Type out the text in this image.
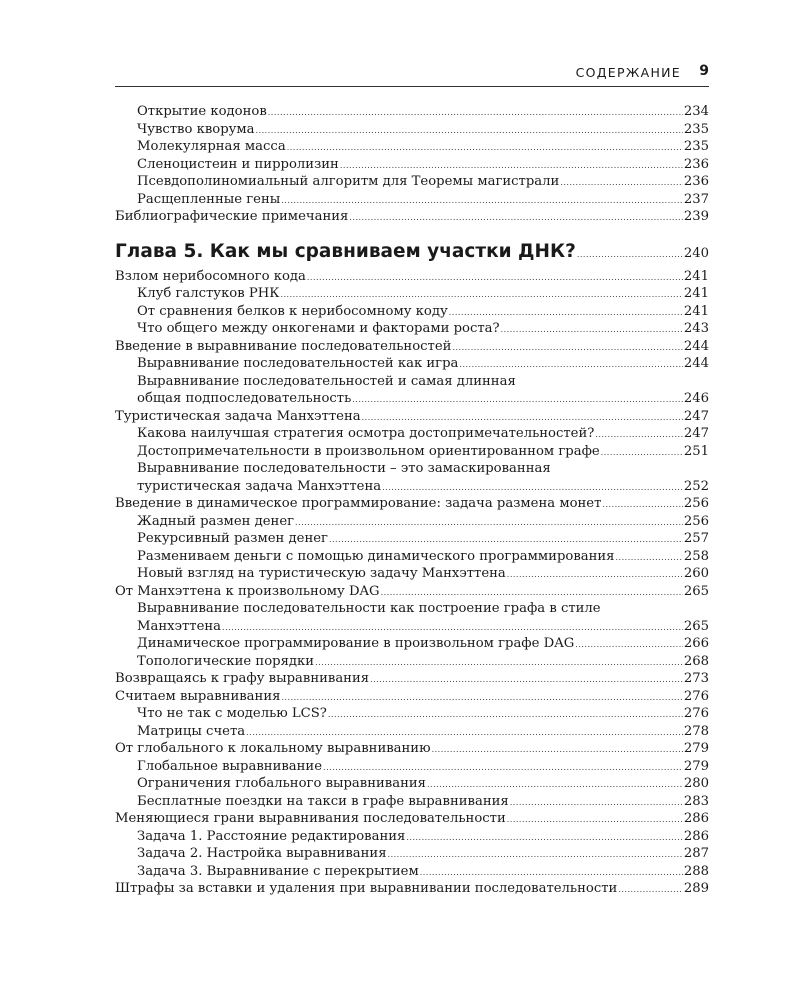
СОДЕРЖАНИЕ 9
Открытие кодонов .....	234
Чувство кворума .....	235
Молекулярная масса .....	235
Сленоцистеин и пирролизин .....	236
Псевдополиномиальный алгоритм для Теоремы магистрали .....	236
Расщепленные гены .....	237
Библиографические примечания .....	239
Глава 5. Как мы сравниваем участки ДНК? .....	240
Взлом нерибосомного кода .....	241
Клуб галстуков РНК .....	241
От сравнения белков к нерибосомному коду .....	241
Что общего между онкогенами и факторами роста? .....	243
Введение в выравнивание последовательностей .....	244
Выравнивание последовательностей как игра .....	244
Выравнивание последовательностей и самая длинная
общая подпоследовательность .....	246
Туристическая задача Манхэттена .....	247
Какова наилучшая стратегия осмотра достопримечательностей? .....	247
Достопримечательности в произвольном ориентированном графе .....	251
Выравнивание последовательности – это замаскированная
туристическая задача Манхэттена .....	252
Введение в динамическое программирование: задача размена монет .....	256
Жадный размен денег .....	256
Рекурсивный размен денег .....	257
Размениваем деньги с помощью динамического программирования .....	258
Новый взгляд на туристическую задачу Манхэттена .....	260
От Манхэттена к произвольному DAG .....	265
Выравнивание последовательности как построение графа в стиле
Манхэттена .....	265
Динамическое программирование в произвольном графе DAG .....	266
Топологические порядки .....	268
Возвращаясь к графу выравнивания .....	273
Считаем выравнивания .....	276
Что не так с моделью LCS? .....	276
Матрицы счета .....	278
От глобального к локальному выравниванию .....	279
Глобальное выравнивание .....	279
Ограничения глобального выравнивания .....	280
Бесплатные поездки на такси в графе выравнивания .....	283
Меняющиеся грани выравнивания последовательности .....	286
Задача 1. Расстояние редактирования .....	286
Задача 2. Настройка выравнивания .....	287
Задача 3. Выравнивание с перекрытием .....	288
Штрафы за вставки и удаления при выравнивании последовательности .....	289
